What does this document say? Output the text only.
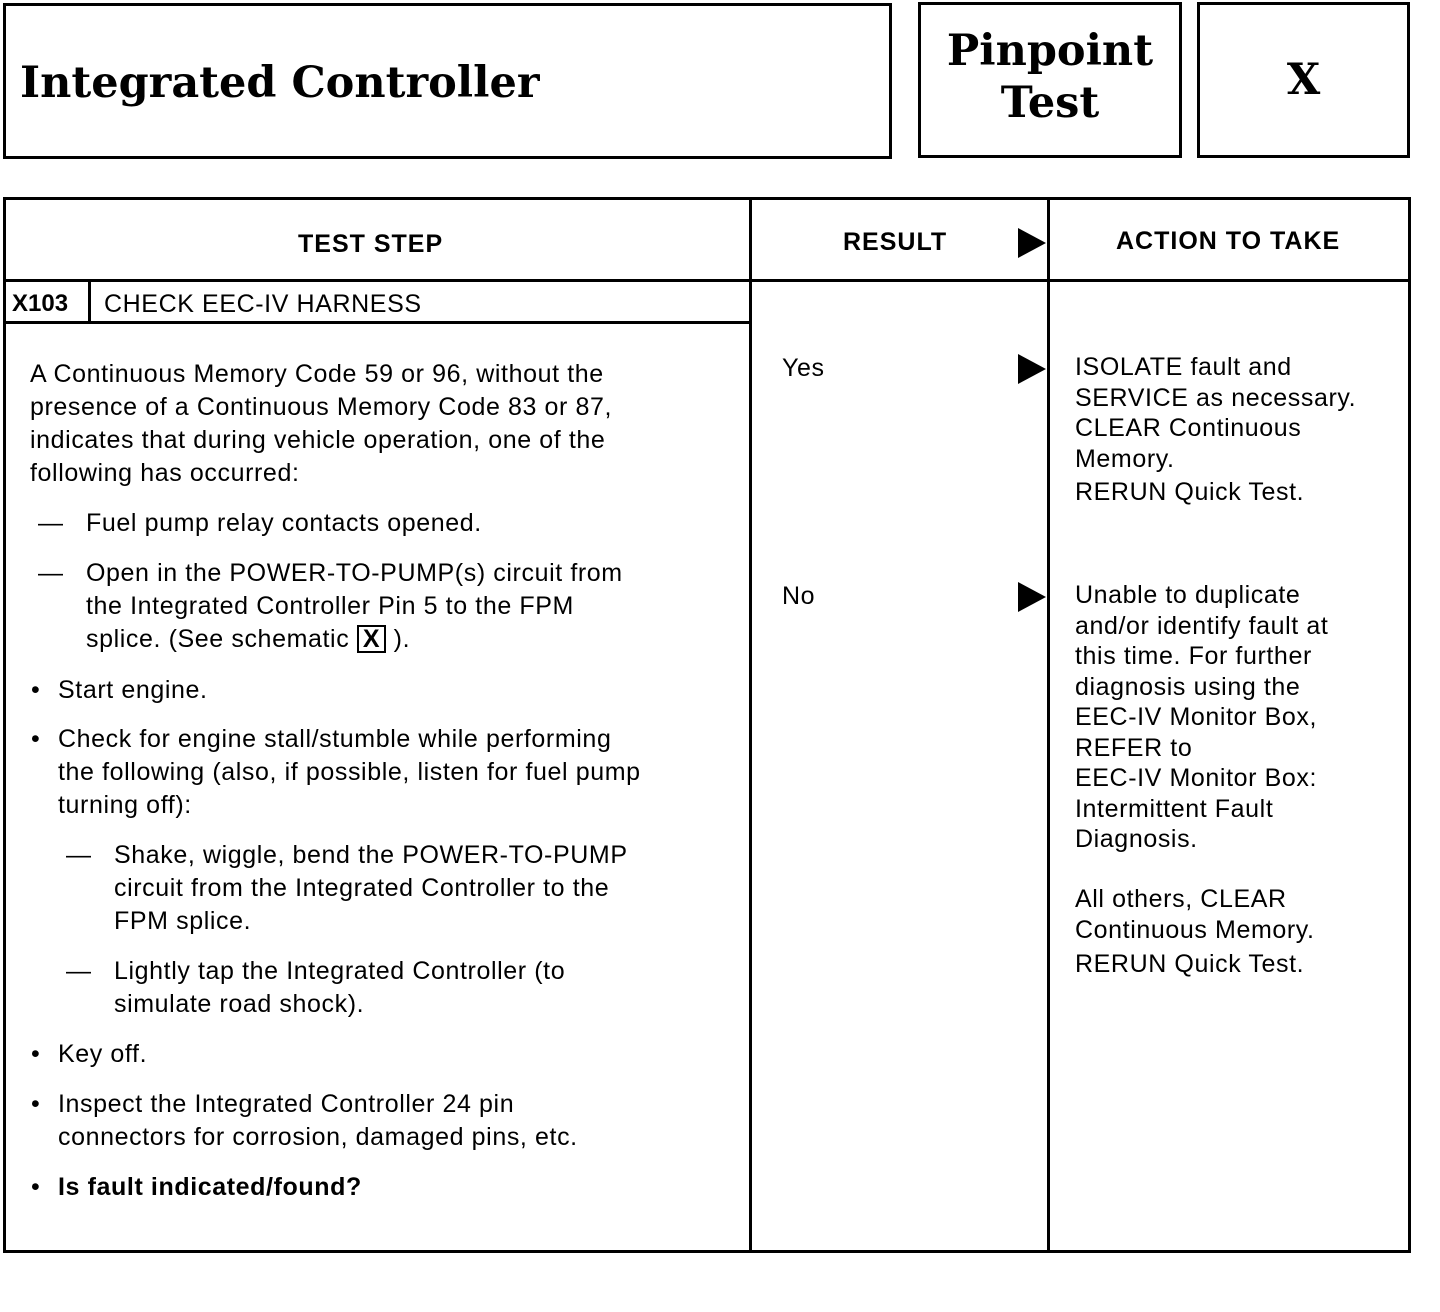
Integrated Controller
Pinpoint
Test	X
TEST STEP	RESULT	ACTION TO TAKE
X103 CHECK EEC-IV HARNESS
A Continuous Memory Code 59 or 96, without the
presence of a Continuous Memory Code 83 or 87,
indicates that during vehicle operation, one of the
following has occurred:
— Fuel pump relay contacts opened.
— Open in the POWER-TO-PUMP(s) circuit from
the Integrated Controller Pin 5 to the FPM
splice. (See schematic X ).
• Start engine.
• Check for engine stall/stumble while performing
the following (also, if possible, listen for fuel pump
turning off):
— Shake, wiggle, bend the POWER-TO-PUMP
circuit from the Integrated Controller to the
FPM splice.
— Lightly tap the Integrated Controller (to
simulate road shock).
• Key off.
• Inspect the Integrated Controller 24 pin
connectors for corrosion, damaged pins, etc.
• Is fault indicated/found?
Yes	ISOLATE fault and
SERVICE as necessary.
CLEAR Continuous
Memory.
RERUN Quick Test.
No	Unable to duplicate
and/or identify fault at
this time. For further
diagnosis using the
EEC-IV Monitor Box,
REFER to
EEC-IV Monitor Box:
Intermittent Fault
Diagnosis.
All others, CLEAR
Continuous Memory.
RERUN Quick Test.
